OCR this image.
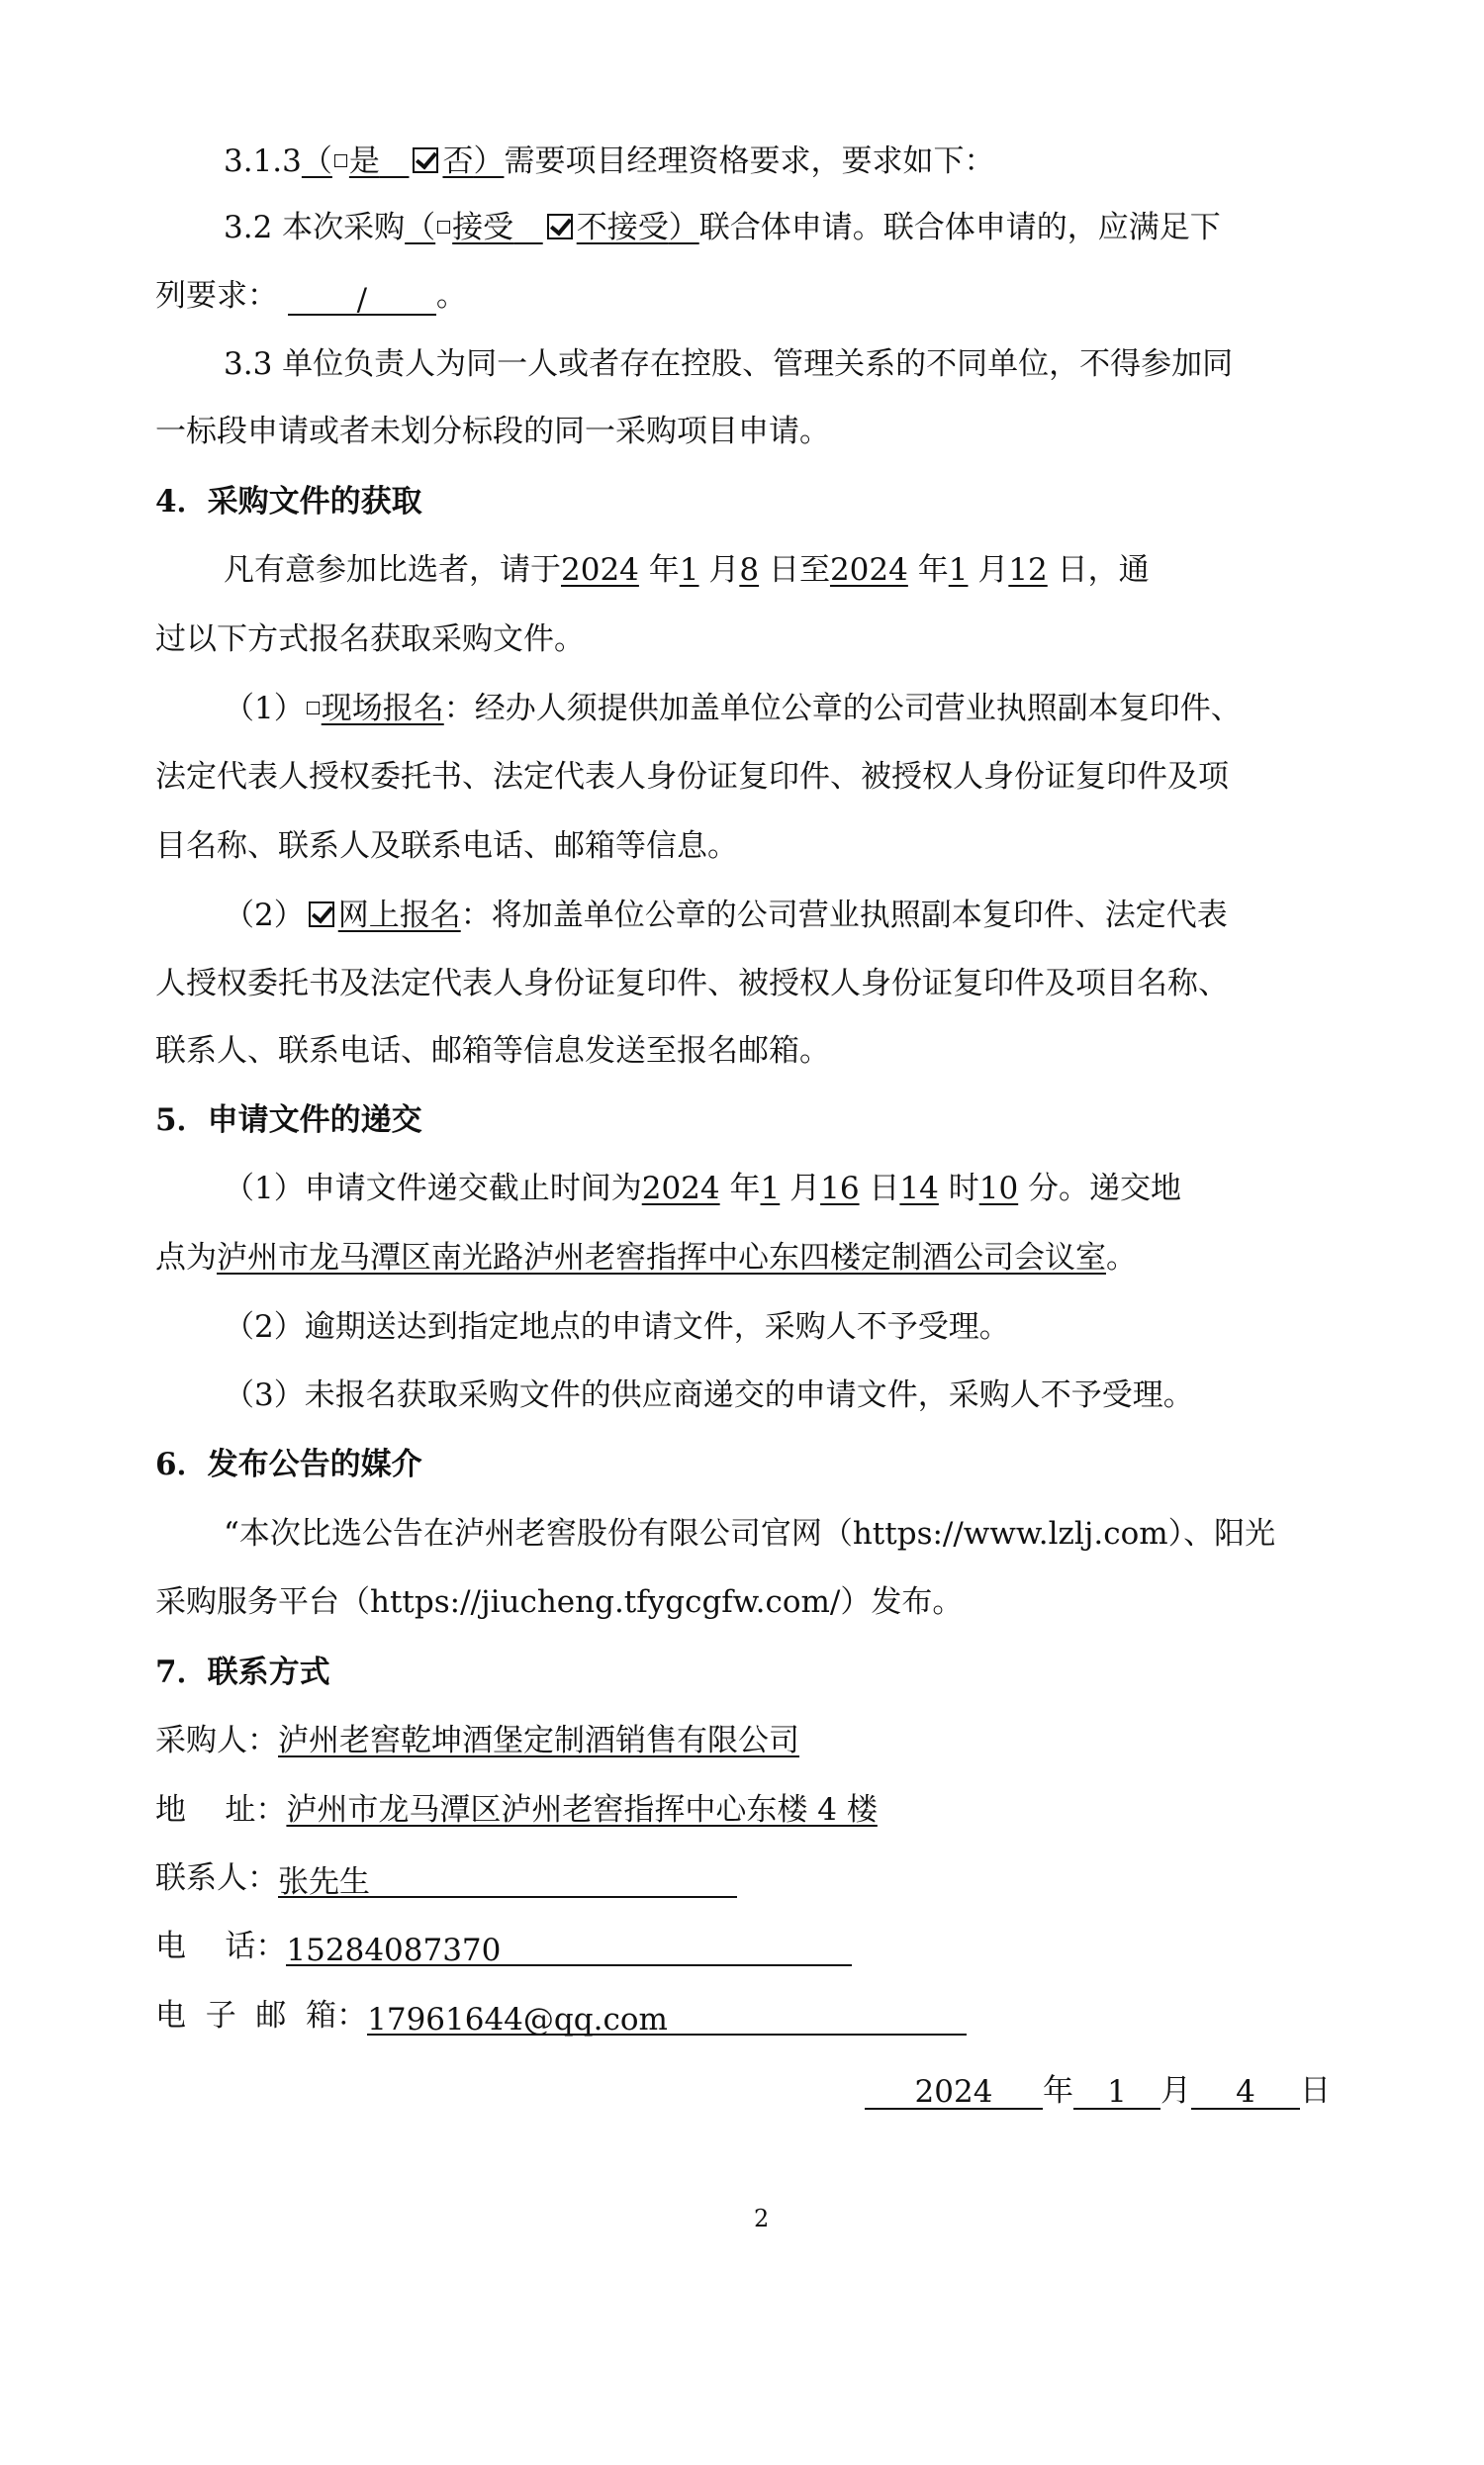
3.1.3（ 是 否）需要项目经理资格要求，要求如下：
3.2 本次采购（ 接受 不接受）联合体申请。联合体申请的，应满足下
列要求：	/ 。
3.3 单位负责人为同一人或者存在控股、管理关系的不同单位，不得参加同
一标段申请或者未划分标段的同一采购项目申请。
4．采购文件的获取
凡有意参加比选者，请于2024 年1 月8 日至2024 年1 月12 日，通
过以下方式报名获取采购文件。
（1） 现场报名：经办人须提供加盖单位公章的公司营业执照副本复印件、
法定代表人授权委托书、法定代表人身份证复印件、被授权人身份证复印件及项
目名称、联系人及联系电话、邮箱等信息。
（2） 网上报名：将加盖单位公章的公司营业执照副本复印件、法定代表
人授权委托书及法定代表人身份证复印件、被授权人身份证复印件及项目名称、
联系人、联系电话、邮箱等信息发送至报名邮箱。
5．申请文件的递交
（1）申请文件递交截止时间为2024 年1 月16 日14 时10 分。递交地
点为泸州市龙马潭区南光路泸州老窖指挥中心东四楼定制酒公司会议室。
（2）逾期送达到指定地点的申请文件，采购人不予受理。
（3）未报名获取采购文件的供应商递交的申请文件，采购人不予受理。
6．发布公告的媒介
“本次比选公告在泸州老窖股份有限公司官网（https://www.lzlj.com）、阳光
采购服务平台（https://jiucheng.tfygcgfw.com/）发布。
7．联系方式
采购人：泸州老窖乾坤酒堡定制酒销售有限公司
地    址：泸州市龙马潭区泸州老窖指挥中心东楼 4 楼
联系人：张先生
电    话：15284087370
电  子  邮  箱：17961644@qq.com
2024 年 1 月 4 日
2
